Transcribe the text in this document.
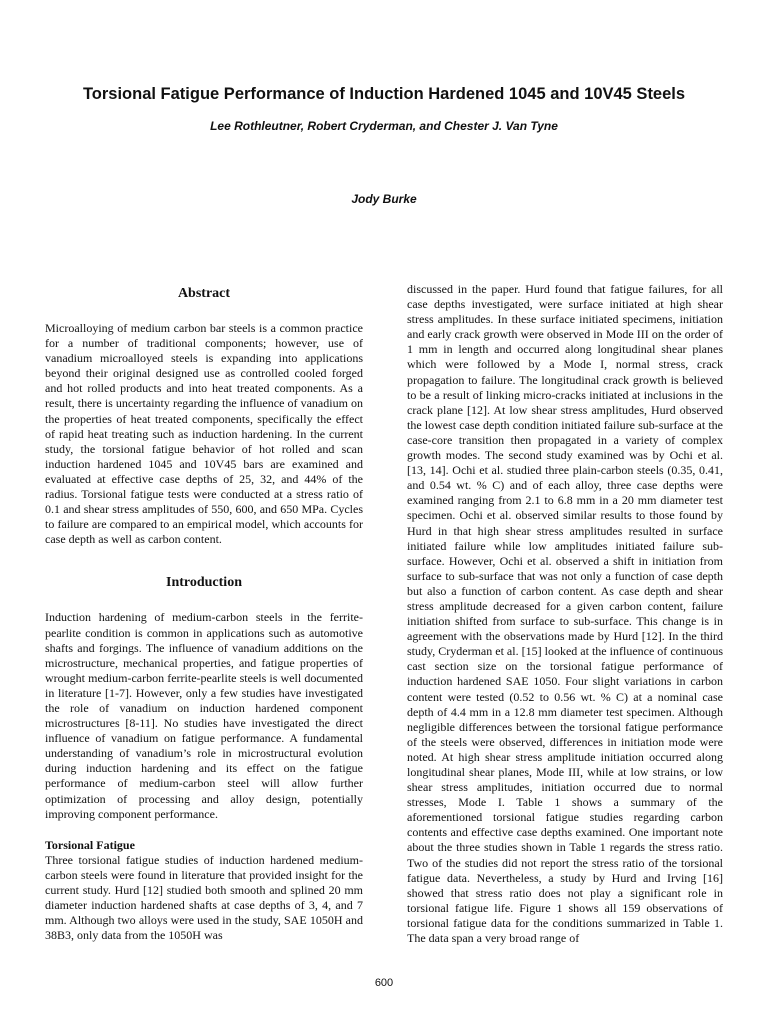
Torsional Fatigue Performance of Induction Hardened 1045 and 10V45 Steels
Lee Rothleutner, Robert Cryderman, and Chester J. Van Tyne
Jody Burke
Abstract

Microalloying of medium carbon bar steels is a common practice for a number of traditional components; however, use of vanadium microalloyed steels is expanding into applications beyond their original designed use as controlled cooled forged and hot rolled products and into heat treated components. As a result, there is uncertainty regarding the influence of vanadium on the properties of heat treated components, specifically the effect of rapid heat treating such as induction hardening. In the current study, the torsional fatigue behavior of hot rolled and scan induction hardened 1045 and 10V45 bars are examined and evaluated at effective case depths of 25, 32, and 44% of the radius. Torsional fatigue tests were conducted at a stress ratio of 0.1 and shear stress amplitudes of 550, 600, and 650 MPa. Cycles to failure are compared to an empirical model, which accounts for case depth as well as carbon content.

Introduction

Induction hardening of medium-carbon steels in the ferrite-pearlite condition is common in applications such as automotive shafts and forgings. The influence of vanadium additions on the microstructure, mechanical properties, and fatigue properties of wrought medium-carbon ferrite-pearlite steels is well documented in literature [1-7]. However, only a few studies have investigated the role of vanadium on induction hardened component microstructures [8-11]. No studies have investigated the direct influence of vanadium on fatigue performance. A fundamental understanding of vanadium’s role in microstructural evolution during induction hardening and its effect on the fatigue performance of medium-carbon steel will allow further optimization of processing and alloy design, potentially improving component performance.

Torsional Fatigue

Three torsional fatigue studies of induction hardened medium-carbon steels were found in literature that provided insight for the current study. Hurd [12] studied both smooth and splined 20 mm diameter induction hardened shafts at case depths of 3, 4, and 7 mm. Although two alloys were used in the study, SAE 1050H and 38B3, only data from the 1050H was

discussed in the paper. Hurd found that fatigue failures, for all case depths investigated, were surface initiated at high shear stress amplitudes. In these surface initiated specimens, initiation and early crack growth were observed in Mode III on the order of 1 mm in length and occurred along longitudinal shear planes which were followed by a Mode I, normal stress, crack propagation to failure. The longitudinal crack growth is believed to be a result of linking micro-cracks initiated at inclusions in the crack plane [12]. At low shear stress amplitudes, Hurd observed the lowest case depth condition initiated failure sub-surface at the case-core transition then propagated in a variety of complex growth modes. The second study examined was by Ochi et al. [13, 14]. Ochi et al. studied three plain-carbon steels (0.35, 0.41, and 0.54 wt. % C) and of each alloy, three case depths were examined ranging from 2.1 to 6.8 mm in a 20 mm diameter test specimen. Ochi et al. observed similar results to those found by Hurd in that high shear stress amplitudes resulted in surface initiated failure while low amplitudes initiated failure sub-surface. However, Ochi et al. observed a shift in initiation from surface to sub-surface that was not only a function of case depth but also a function of carbon content. As case depth and shear stress amplitude decreased for a given carbon content, failure initiation shifted from surface to sub-surface. This change is in agreement with the observations made by Hurd [12]. In the third study, Cryderman et al. [15] looked at the influence of continuous cast section size on the torsional fatigue performance of induction hardened SAE 1050. Four slight variations in carbon content were tested (0.52 to 0.56 wt. % C) at a nominal case depth of 4.4 mm in a 12.8 mm diameter test specimen. Although negligible differences between the torsional fatigue performance of the steels were observed, differences in initiation mode were noted. At high shear stress amplitude initiation occurred along longitudinal shear planes, Mode III, while at low strains, or low shear stress amplitudes, initiation occurred due to normal stresses, Mode I. Table 1 shows a summary of the aforementioned torsional fatigue studies regarding carbon contents and effective case depths examined. One important note about the three studies shown in Table 1 regards the stress ratio. Two of the studies did not report the stress ratio of the torsional fatigue data. Nevertheless, a study by Hurd and Irving [16] showed that stress ratio does not play a significant role in torsional fatigue life. Figure 1 shows all 159 observations of torsional fatigue data for the conditions summarized in Table 1. The data span a very broad range of

600
